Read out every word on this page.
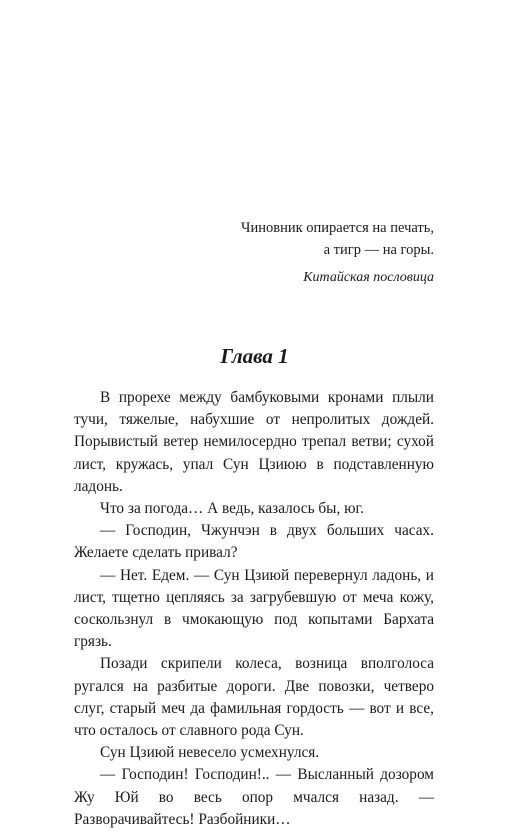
Чиновник опирается на печать,
а тигр — на горы.
Китайская пословица
Глава 1

В прорехе между бамбуковыми кронами плыли тучи, тяжелые, набухшие от непролитых дождей. Порывистый ветер немилосердно трепал ветви; сухой лист, кружась, упал Сун Цзиюю в подставленную ладонь.

Что за погода… А ведь, казалось бы, юг.

— Господин, Чжунчэн в двух больших часах. Желаете сделать привал?

— Нет. Едем. — Сун Цзиюй перевернул ладонь, и лист, тщетно цепляясь за загрубевшую от меча кожу, соскользнул в чмокающую под копытами Бархата грязь.

Позади скрипели колеса, возница вполголоса ругался на разбитые дороги. Две повозки, четверо слуг, старый меч да фамильная гордость — вот и все, что осталось от славного рода Сун.

Сун Цзиюй невесело усмехнулся.

— Господин! Господин!.. — Высланный дозором Жу Юй во весь опор мчался назад. — Разворачивайтесь! Разбойники…
